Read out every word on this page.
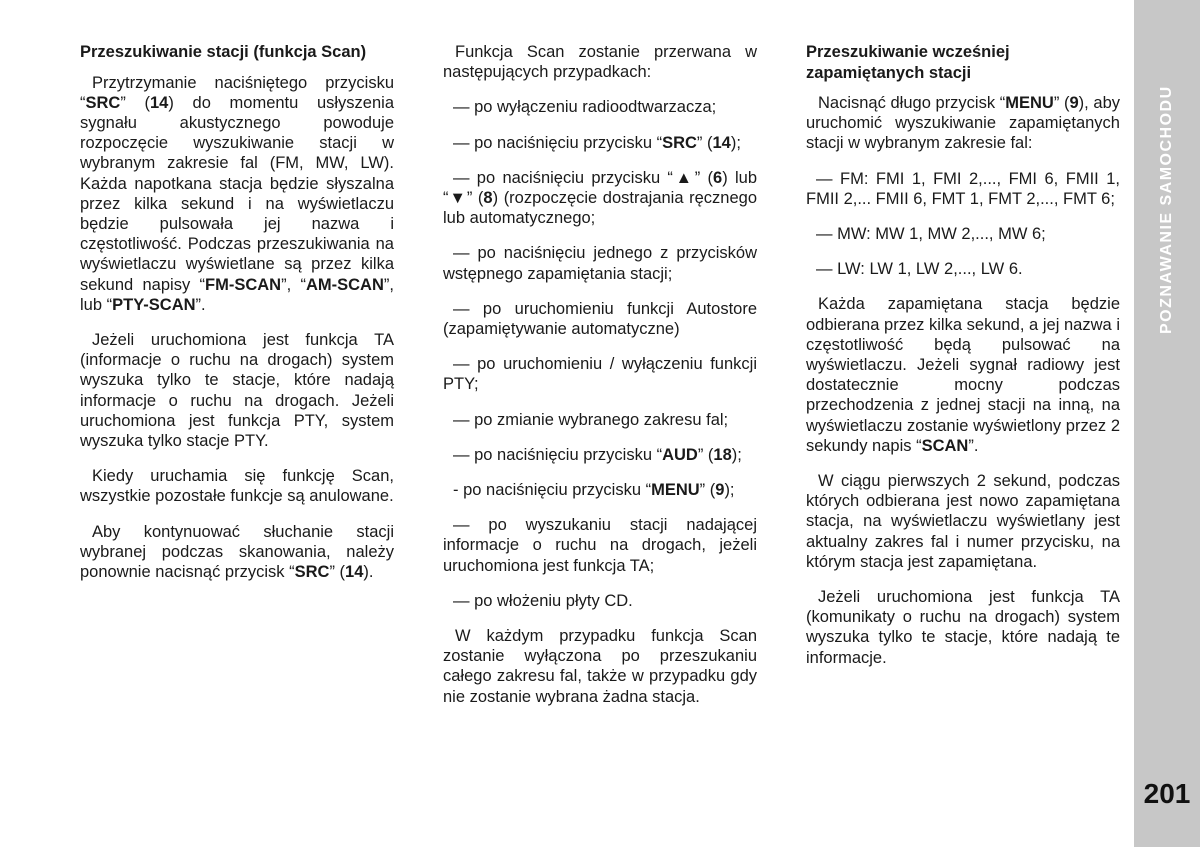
Przeszukiwanie stacji (funkcja Scan)
Przytrzymanie naciśniętego przycisku “SRC” (14) do momentu usłyszenia sygnału akustycznego powoduje rozpoczęcie wyszukiwanie stacji w wybranym zakresie fal (FM, MW, LW). Każda napotkana stacja będzie słyszalna przez kilka sekund i na wyświetlaczu będzie pulsowała jej nazwa i częstotliwość. Podczas przeszukiwania na wyświetlaczu wyświetlane są przez kilka sekund napisy “FM-SCAN”, “AM-SCAN”, lub “PTY-SCAN”.
Jeżeli uruchomiona jest funkcja TA (informacje o ruchu na drogach) system wyszuka tylko te stacje, które nadają informacje o ruchu na drogach. Jeżeli uruchomiona jest funkcja PTY, system wyszuka tylko stacje PTY.
Kiedy uruchamia się funkcję Scan, wszystkie pozostałe funkcje są anulowane.
Aby kontynuować słuchanie stacji wybranej podczas skanowania, należy ponownie nacisnąć przycisk “SRC” (14).
Funkcja Scan zostanie przerwana w następujących przypadkach:
— po wyłączeniu radioodtwarzacza;
— po naciśnięciu przycisku “SRC” (14);
— po naciśnięciu przycisku “▲” (6) lub “▼” (8) (rozpoczęcie dostrajania ręcznego lub automatycznego;
— po naciśnięciu jednego z przycisków wstępnego zapamiętania stacji;
— po uruchomieniu funkcji Autostore (zapamiętywanie automatyczne)
— po uruchomieniu / wyłączeniu funkcji PTY;
— po zmianie wybranego zakresu fal;
— po naciśnięciu przycisku “AUD” (18);
- po naciśnięciu przycisku “MENU” (9);
— po wyszukaniu stacji nadającej informacje o ruchu na drogach, jeżeli uruchomiona jest funkcja TA;
— po włożeniu płyty CD.
W każdym przypadku funkcja Scan zostanie wyłączona po przeszukaniu całego zakresu fal, także w przypadku gdy nie zostanie wybrana żadna stacja.
Przeszukiwanie wcześniej zapamiętanych stacji
Nacisnąć długo przycisk “MENU” (9), aby uruchomić wyszukiwanie zapamiętanych stacji w wybranym zakresie fal:
— FM: FMI 1, FMI 2,..., FMI 6, FMII 1, FMII 2,... FMII 6, FMT 1, FMT 2,..., FMT 6;
— MW: MW 1, MW 2,..., MW 6;
— LW: LW 1, LW 2,..., LW 6.
Każda zapamiętana stacja będzie odbierana przez kilka sekund, a jej nazwa i częstotliwość będą pulsować na wyświetlaczu. Jeżeli sygnał radiowy jest dostatecznie mocny podczas przechodzenia z jednej stacji na inną, na wyświetlaczu zostanie wyświetlony przez 2 sekundy napis “SCAN”.
W ciągu pierwszych 2 sekund, podczas których odbierana jest nowo zapamiętana stacja, na wyświetlaczu wyświetlany jest aktualny zakres fal i numer przycisku, na którym stacja jest zapamiętana.
Jeżeli uruchomiona jest funkcja TA (komunikaty o ruchu na drogach) system wyszuka tylko te stacje, które nadają te informacje.
POZNAWANIE SAMOCHODU
201
